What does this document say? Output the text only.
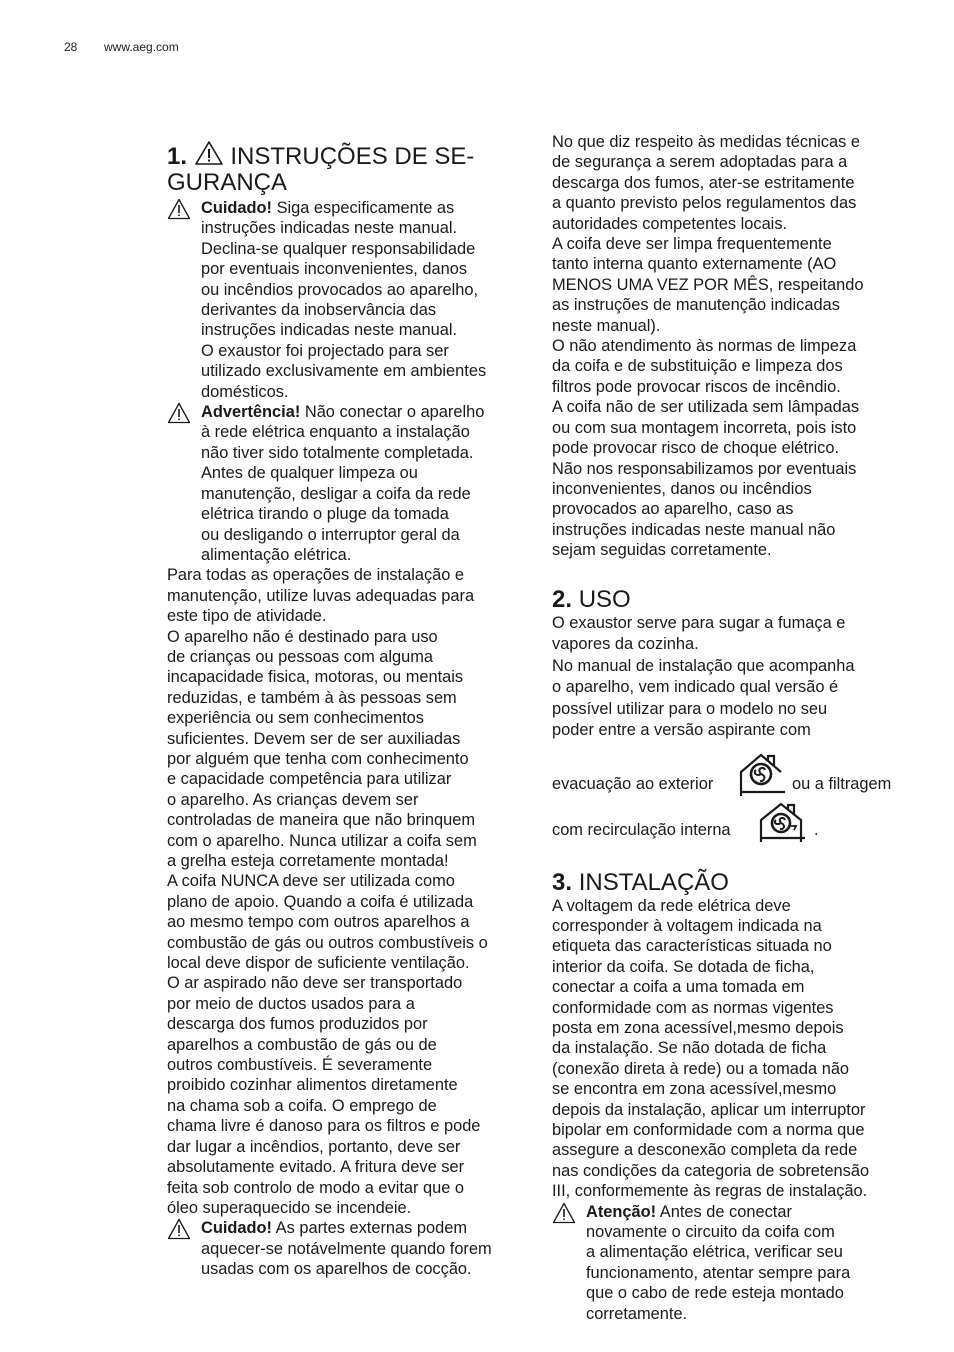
28 www.aeg.com
1. INSTRUÇÕES DE SE-
GURANÇA

Cuidado! Siga especificamente as
instruções indicadas neste manual.
Declina-se qualquer responsabilidade
por eventuais inconvenientes, danos
ou incêndios provocados ao aparelho,
derivantes da inobservância das
instruções indicadas neste manual.
O exaustor foi projectado para ser
utilizado exclusivamente em ambientes
domésticos.

Advertência! Não conectar o aparelho
à rede elétrica enquanto a instalação
não tiver sido totalmente completada.
Antes de qualquer limpeza ou
manutenção, desligar a coifa da rede
elétrica tirando o pluge da tomada
ou desligando o interruptor geral da
alimentação elétrica.

Para todas as operações de instalação e
manutenção, utilize luvas adequadas para
este tipo de atividade.
O aparelho não é destinado para uso
de crianças ou pessoas com alguma
incapacidade fisica, motoras, ou mentais
reduzidas, e também à às pessoas sem
experiência ou sem conhecimentos
suficientes. Devem ser de ser auxiliadas
por alguém que tenha com conhecimento
e capacidade competência para utilizar
o aparelho. As crianças devem ser
controladas de maneira que não brinquem
com o aparelho. Nunca utilizar a coifa sem
a grelha esteja corretamente montada!
A coifa NUNCA deve ser utilizada como
plano de apoio. Quando a coifa é utilizada
ao mesmo tempo com outros aparelhos a
combustão de gás ou outros combustíveis o
local deve dispor de suficiente ventilação.
O ar aspirado não deve ser transportado
por meio de ductos usados para a
descarga dos fumos produzidos por
aparelhos a combustão de gás ou de
outros combustíveis. É severamente
proibido cozinhar alimentos diretamente
na chama sob a coifa. O emprego de
chama livre é danoso para os filtros e pode
dar lugar a incêndios, portanto, deve ser
absolutamente evitado. A fritura deve ser
feita sob controlo de modo a evitar que o
óleo superaquecido se incendeie.

Cuidado! As partes externas podem
aquecer-se notávelmente quando forem
usadas com os aparelhos de cocção.

No que diz respeito às medidas técnicas e
de segurança a serem adoptadas para a
descarga dos fumos, ater-se estritamente
a quanto previsto pelos regulamentos das
autoridades competentes locais.
A coifa deve ser limpa frequentemente
tanto interna quanto externamente (AO
MENOS UMA VEZ POR MÊS, respeitando
as instruções de manutenção indicadas
neste manual).
O não atendimento às normas de limpeza
da coifa e de substituição e limpeza dos
filtros pode provocar riscos de incêndio.
A coifa não de ser utilizada sem lâmpadas
ou com sua montagem incorreta, pois isto
pode provocar risco de choque elétrico.
Não nos responsabilizamos por eventuais
inconvenientes, danos ou incêndios
provocados ao aparelho, caso as
instruções indicadas neste manual não
sejam seguidas corretamente.

2. USO

O exaustor serve para sugar a fumaça e
vapores da cozinha.
No manual de instalação que acompanha
o aparelho, vem indicado qual versão é
possível utilizar para o modelo no seu
poder entre a versão aspirante com

evacuação ao exterior	ou a filtragem
com recirculação interna	.
3. INSTALAÇÃO

A voltagem da rede elétrica deve
corresponder à voltagem indicada na
etiqueta das características situada no
interior da coifa. Se dotada de ficha,
conectar a coifa a uma tomada em
conformidade com as normas vigentes
posta em zona acessível,mesmo depois
da instalação. Se não dotada de ficha
(conexão direta à rede) ou a tomada não
se encontra em zona acessível,mesmo
depois da instalação, aplicar um interruptor
bipolar em conformidade com a norma que
assegure a desconexão completa da rede
nas condições da categoria de sobretensão
III, conformemente às regras de instalação.

Atenção! Antes de conectar
novamente o circuito da coifa com
a alimentação elétrica, verificar seu
funcionamento, atentar sempre para
que o cabo de rede esteja montado
corretamente.
